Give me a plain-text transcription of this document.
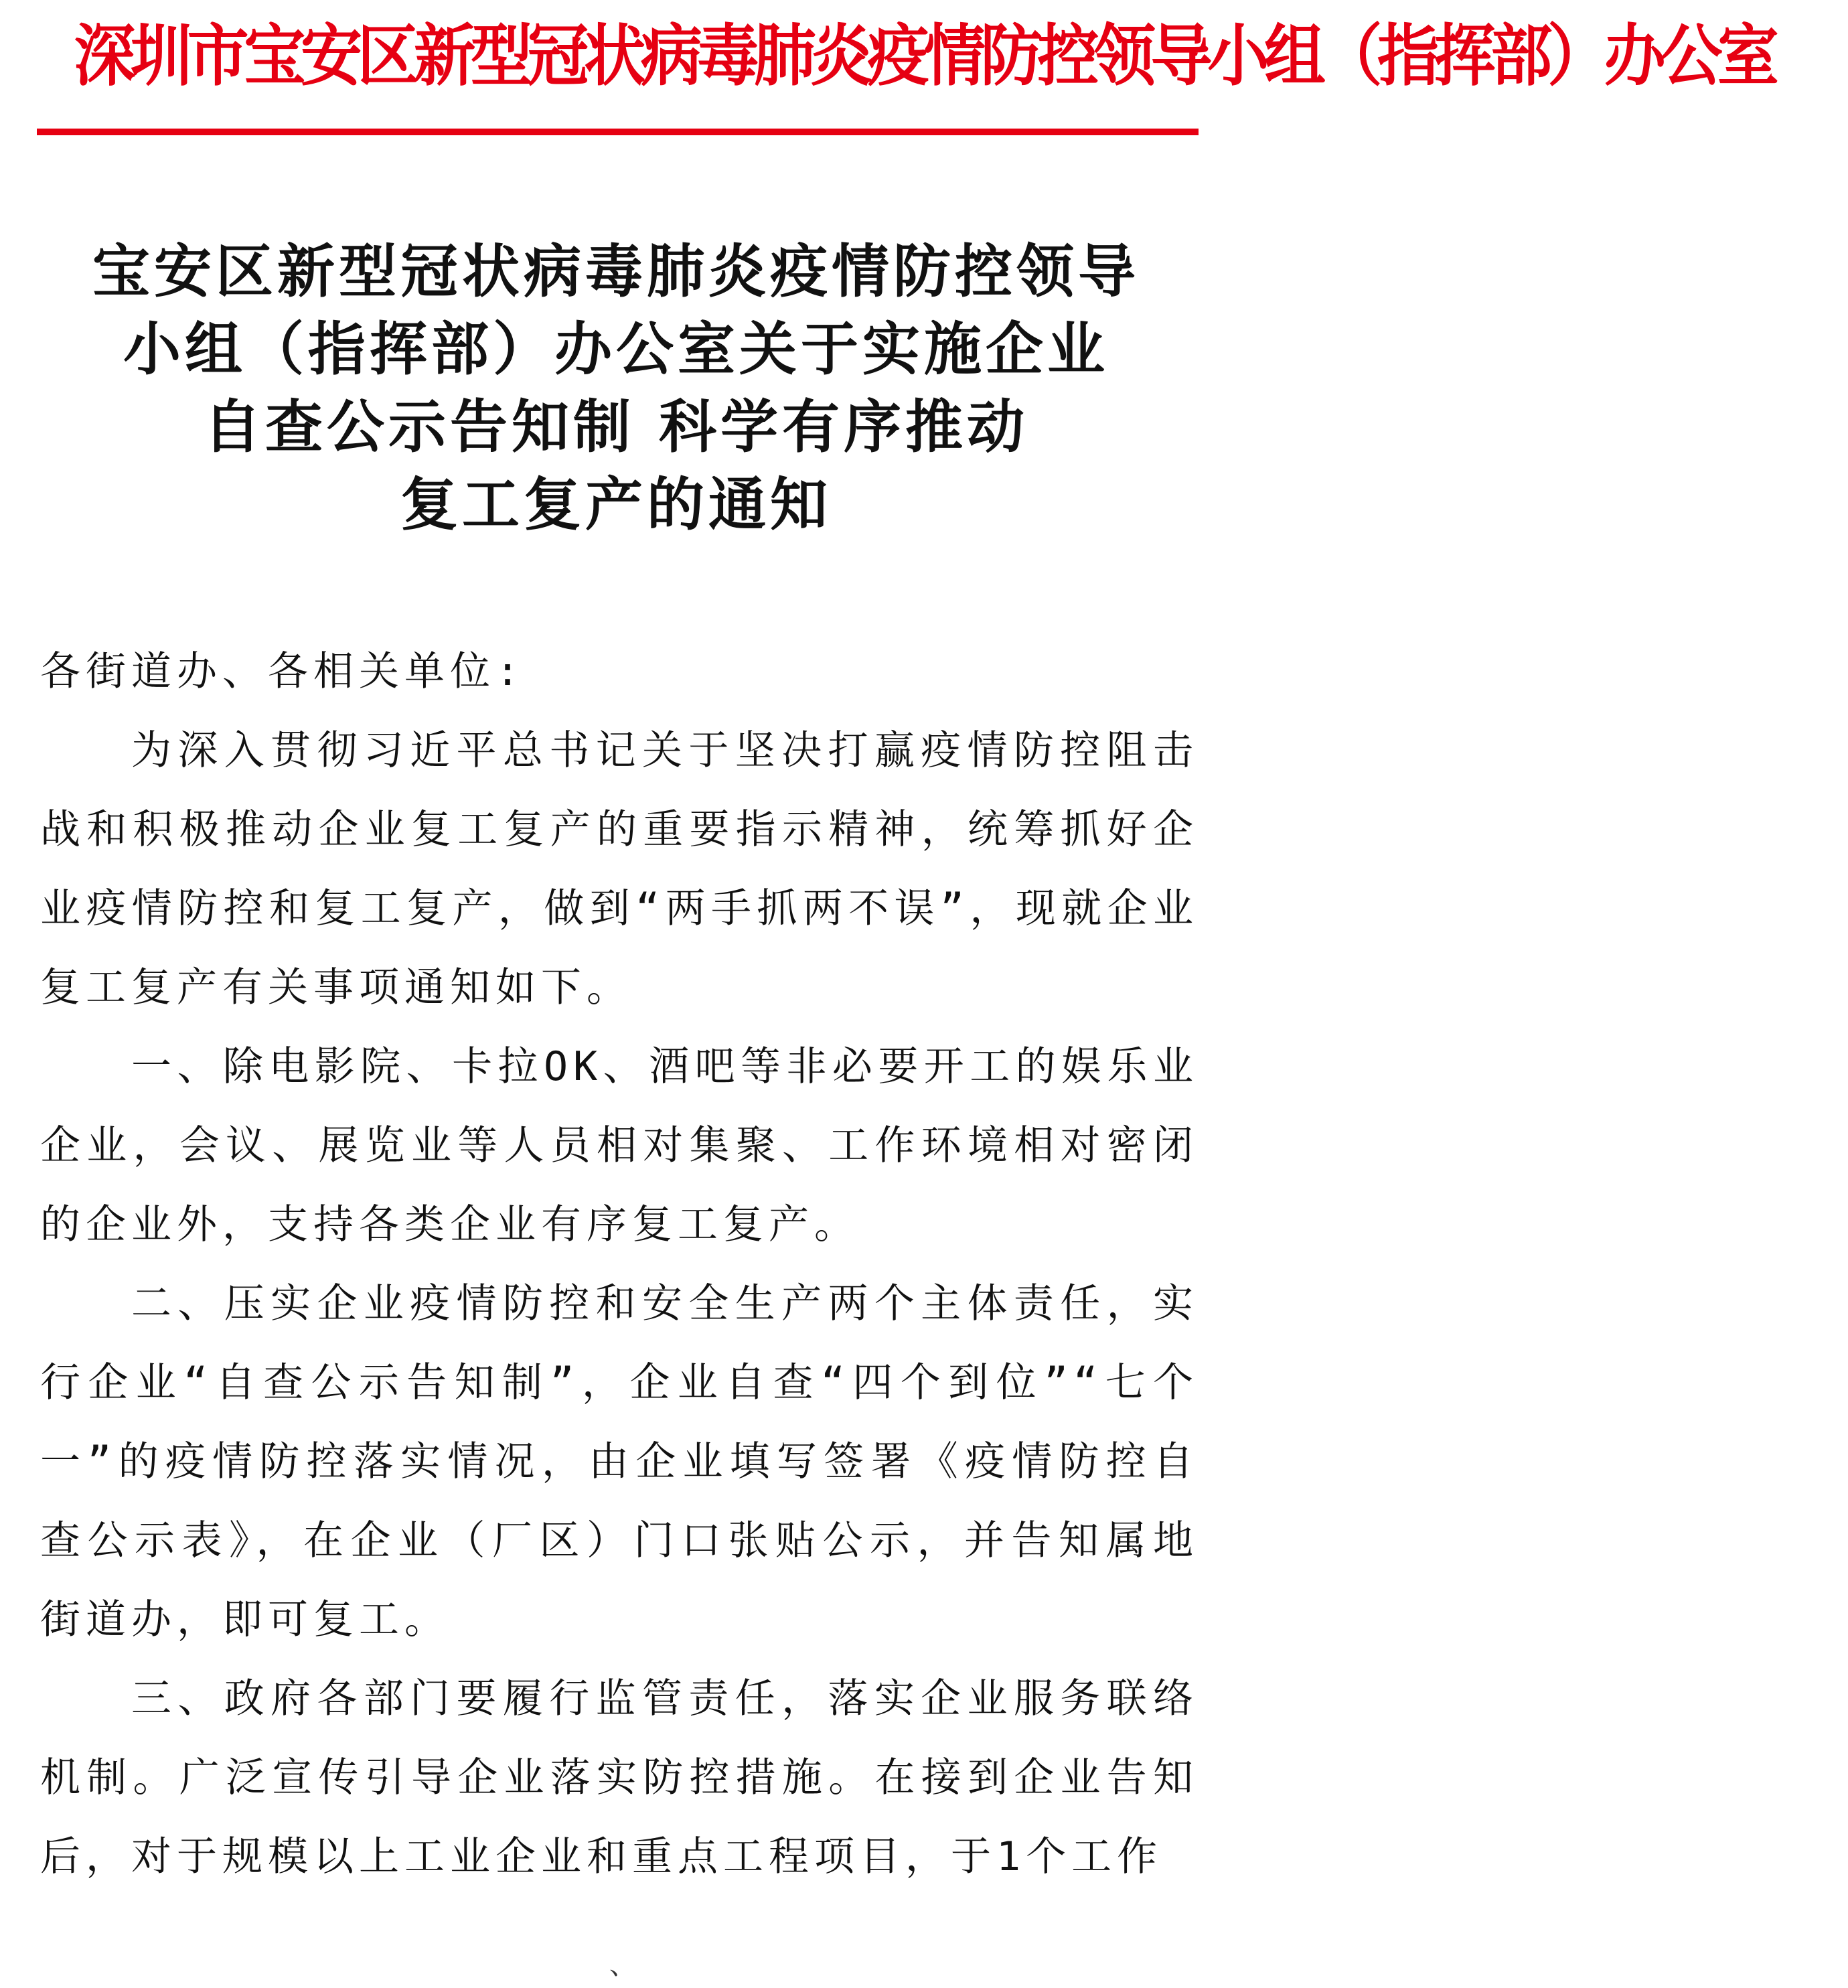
深圳市宝安区新型冠状病毒肺炎疫情防控领导小组（指挥部）办公室
宝安区新型冠状病毒肺炎疫情防控领导
小组（指挥部）办公室关于实施企业
自查公示告知制 科学有序推动
复工复产的通知

各街道办、各相关单位:

为深入贯彻习近平总书记关于坚决打赢疫情防控阻击战和积极推动企业复工复产的重要指示精神，统筹抓好企业疫情防控和复工复产，做到“两手抓两不误”，现就企业复工复产有关事项通知如下。

一、除电影院、卡拉OK、酒吧等非必要开工的娱乐业企业，会议、展览业等人员相对集聚、工作环境相对密闭的企业外，支持各类企业有序复工复产。

二、压实企业疫情防控和安全生产两个主体责任，实行企业“自查公示告知制”，企业自查“四个到位”“七个一”的疫情防控落实情况，由企业填写签署《疫情防控自查公示表》，在企业（厂区）门口张贴公示，并告知属地街道办，即可复工。

三、政府各部门要履行监管责任，落实企业服务联络机制。广泛宣传引导企业落实防控措施。在接到企业告知后，对于规模以上工业企业和重点工程项目，于1个工作

、
